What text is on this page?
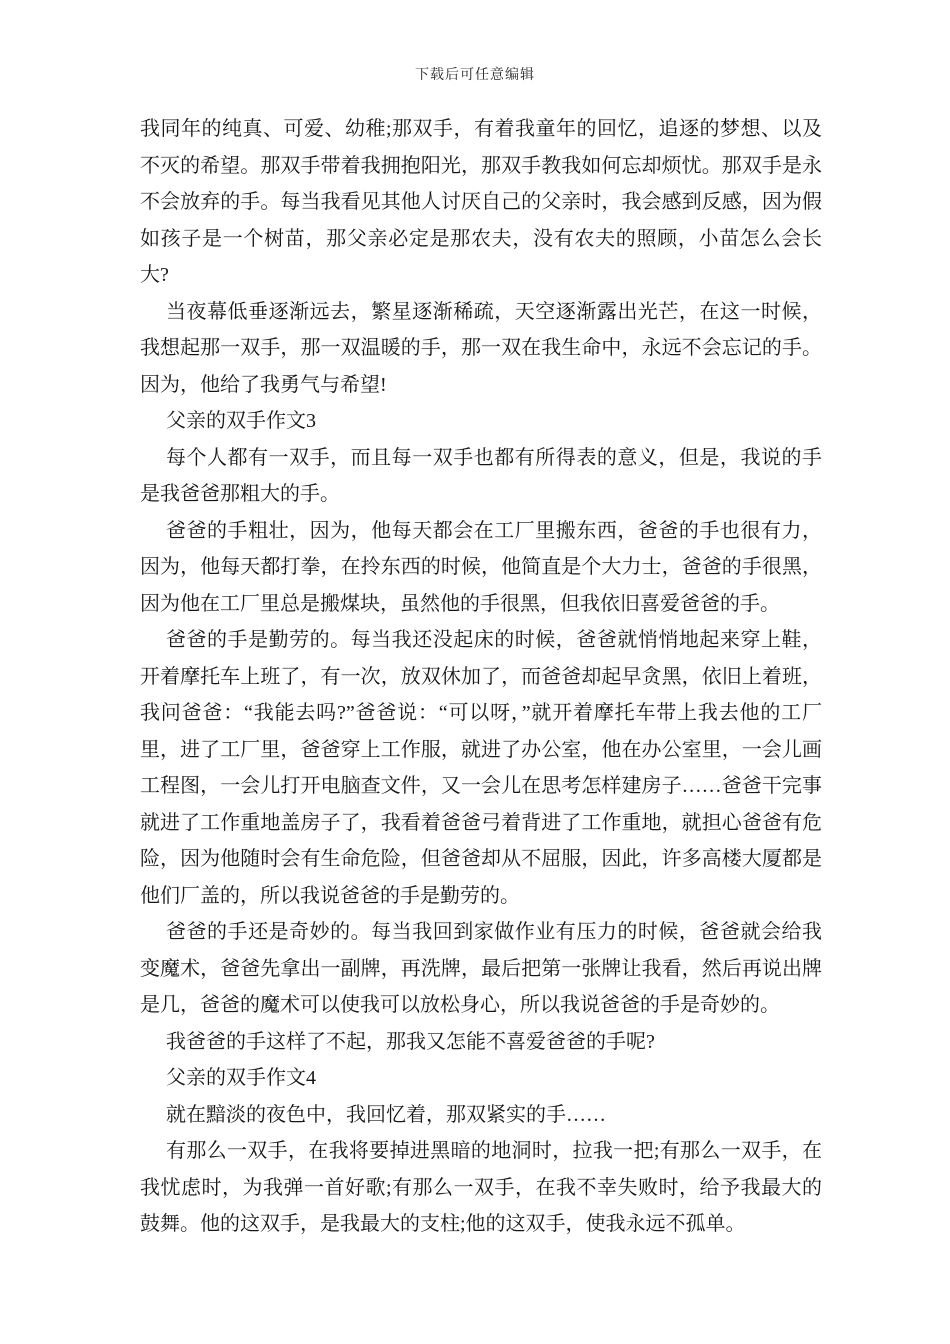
下载后可任意编辑

我同年的纯真、可爱、幼稚;那双手，有着我童年的回忆，追逐的梦想、以及不灭的希望。那双手带着我拥抱阳光，那双手教我如何忘却烦忧。那双手是永不会放弃的手。每当我看见其他人讨厌自己的父亲时，我会感到反感，因为假如孩子是一个树苗，那父亲必定是那农夫，没有农夫的照顾，小苗怎么会长大?

当夜幕低垂逐渐远去，繁星逐渐稀疏，天空逐渐露出光芒，在这一时候，我想起那一双手，那一双温暖的手，那一双在我生命中，永远不会忘记的手。因为，他给了我勇气与希望!

父亲的双手作文3

每个人都有一双手，而且每一双手也都有所得表的意义，但是，我说的手是我爸爸那粗大的手。

爸爸的手粗壮，因为，他每天都会在工厂里搬东西，爸爸的手也很有力，因为，他每天都打拳，在拎东西的时候，他简直是个大力士，爸爸的手很黑，因为他在工厂里总是搬煤块，虽然他的手很黑，但我依旧喜爱爸爸的手。

爸爸的手是勤劳的。每当我还没起床的时候，爸爸就悄悄地起来穿上鞋，开着摩托车上班了，有一次，放双休加了，而爸爸却起早贪黑，依旧上着班，我问爸爸：“我能去吗?”爸爸说：“可以呀，”就开着摩托车带上我去他的工厂里，进了工厂里，爸爸穿上工作服，就进了办公室，他在办公室里，一会儿画工程图，一会儿打开电脑查文件，又一会儿在思考怎样建房子……爸爸干完事就进了工作重地盖房子了，我看着爸爸弓着背进了工作重地，就担心爸爸有危险，因为他随时会有生命危险，但爸爸却从不屈服，因此，许多高楼大厦都是他们厂盖的，所以我说爸爸的手是勤劳的。

爸爸的手还是奇妙的。每当我回到家做作业有压力的时候，爸爸就会给我变魔术，爸爸先拿出一副牌，再洗牌，最后把第一张牌让我看，然后再说出牌是几，爸爸的魔术可以使我可以放松身心，所以我说爸爸的手是奇妙的。

我爸爸的手这样了不起，那我又怎能不喜爱爸爸的手呢?

父亲的双手作文4

就在黯淡的夜色中，我回忆着，那双紧实的手……

有那么一双手，在我将要掉进黑暗的地洞时，拉我一把;有那么一双手，在我忧虑时，为我弹一首好歌;有那么一双手，在我不幸失败时，给予我最大的鼓舞。他的这双手，是我最大的支柱;他的这双手，使我永远不孤单。
